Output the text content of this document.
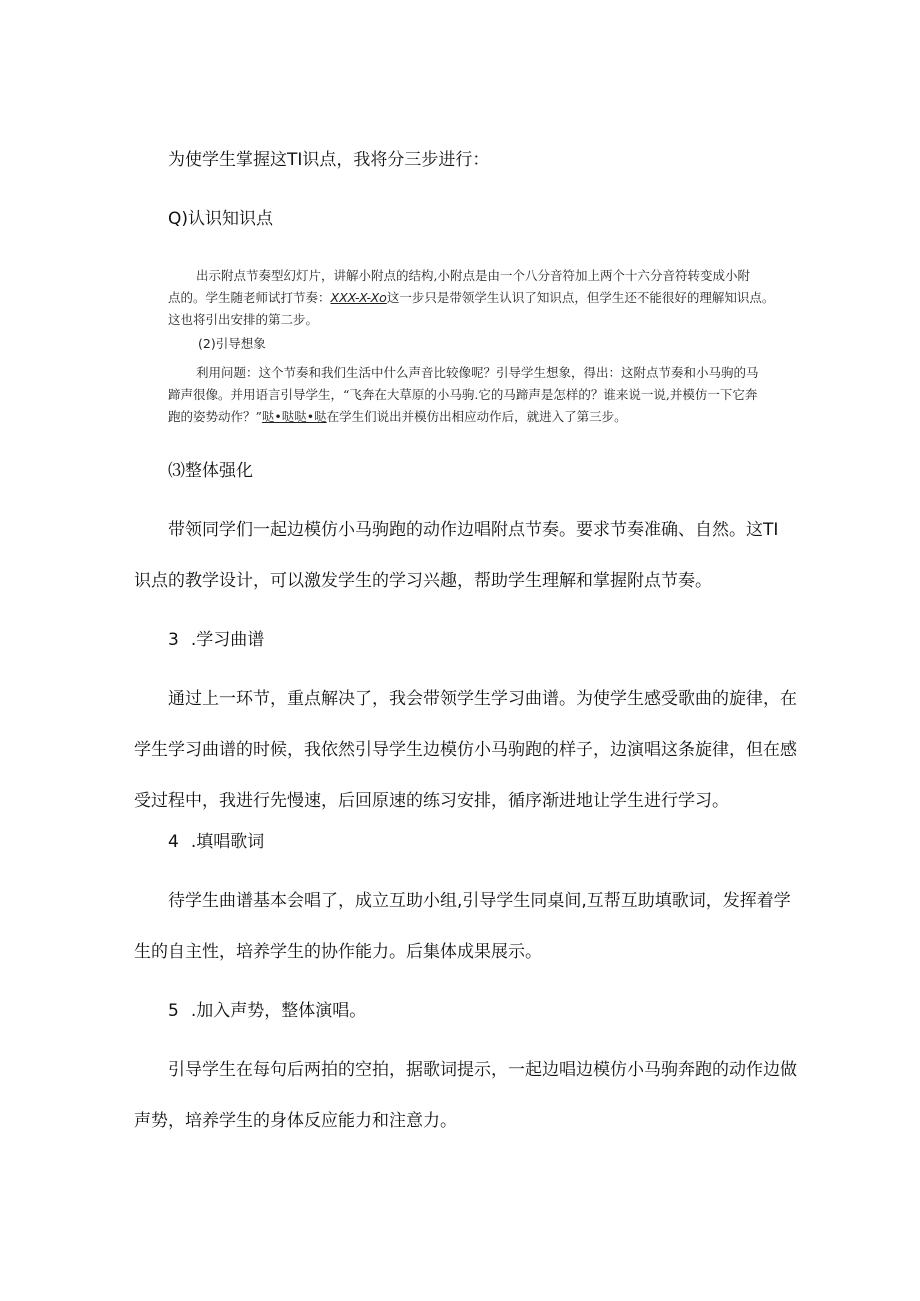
为使学生掌握这TI识点，我将分三步进行：

Q)认识知识点

出示附点节奏型幻灯片，讲解小附点的结构,小附点是由一个八分音符加上两个十六分音符转变成小附
点的。学生随老师试打节奏：XXX-X-Xo这一步只是带领学生认识了知识点，但学生还不能很好的理解知识点。
这也将引出安排的第二步。

(2)引导想象

利用问题：这个节奏和我们生活中什么声音比较像呢？引导学生想象，得出：这附点节奏和小马驹的马
蹄声很像。并用语言引导学生，“飞奔在大草原的小马驹.它的马蹄声是怎样的？谁来说一说,并模仿一下它奔
跑的姿势动作？”哒•哒哒•哒在学生们说出并模仿出相应动作后，就进入了第三步。

⑶整体强化

带领同学们一起边模仿小马驹跑的动作边唱附点节奏。要求节奏准确、自然。这TI
识点的教学设计，可以激发学生的学习兴趣，帮助学生理解和掌握附点节奏。

3 .学习曲谱

通过上一环节，重点解决了，我会带领学生学习曲谱。为使学生感受歌曲的旋律，在
学生学习曲谱的时候，我依然引导学生边模仿小马驹跑的样子，边演唱这条旋律，但在感
受过程中，我进行先慢速，后回原速的练习安排，循序渐进地让学生进行学习。

4 .填唱歌词

待学生曲谱基本会唱了，成立互助小组,引导学生同桌间,互帮互助填歌词，发挥着学
生的自主性，培养学生的协作能力。后集体成果展示。

5 .加入声势，整体演唱。

引导学生在每句后两拍的空拍，据歌词提示，一起边唱边模仿小马驹奔跑的动作边做
声势，培养学生的身体反应能力和注意力。
